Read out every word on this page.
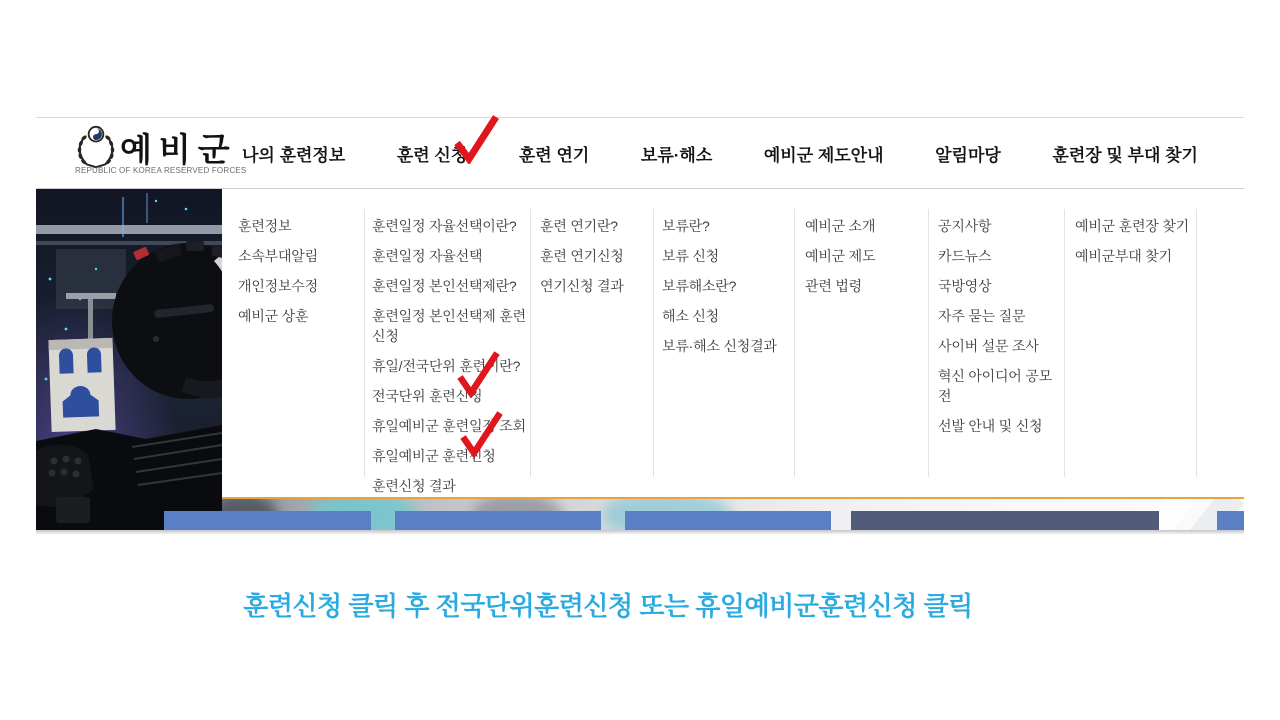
예비군
REPUBLIC OF KOREA RESERVED FORCES
나의 훈련정보	훈련 신청	훈련 연기	보류·해소	예비군 제도안내	알림마당	훈련장 및 부대 찾기
훈련정보
소속부대알림
개인정보수정
예비군 상훈
훈련일정 자율선택이란?
훈련일정 자율선택
훈련일정 본인선택제란?
훈련일정 본인선택제 훈련신청
휴일/전국단위 훈련이란?
전국단위 훈련신청
휴일예비군 훈련일정 조회
휴일예비군 훈련신청
훈련신청 결과
훈련 연기란?
훈련 연기신청
연기신청 결과
보류란?
보류 신청
보류해소란?
해소 신청
보류·해소 신청결과
예비군 소개
예비군 제도
관련 법령
공지사항
카드뉴스
국방영상
자주 묻는 질문
사이버 설문 조사
혁신 아이디어 공모전
선발 안내 및 신청
예비군 훈련장 찾기
예비군부대 찾기
훈련신청 클릭 후 전국단위훈련신청 또는 휴일예비군훈련신청 클릭
